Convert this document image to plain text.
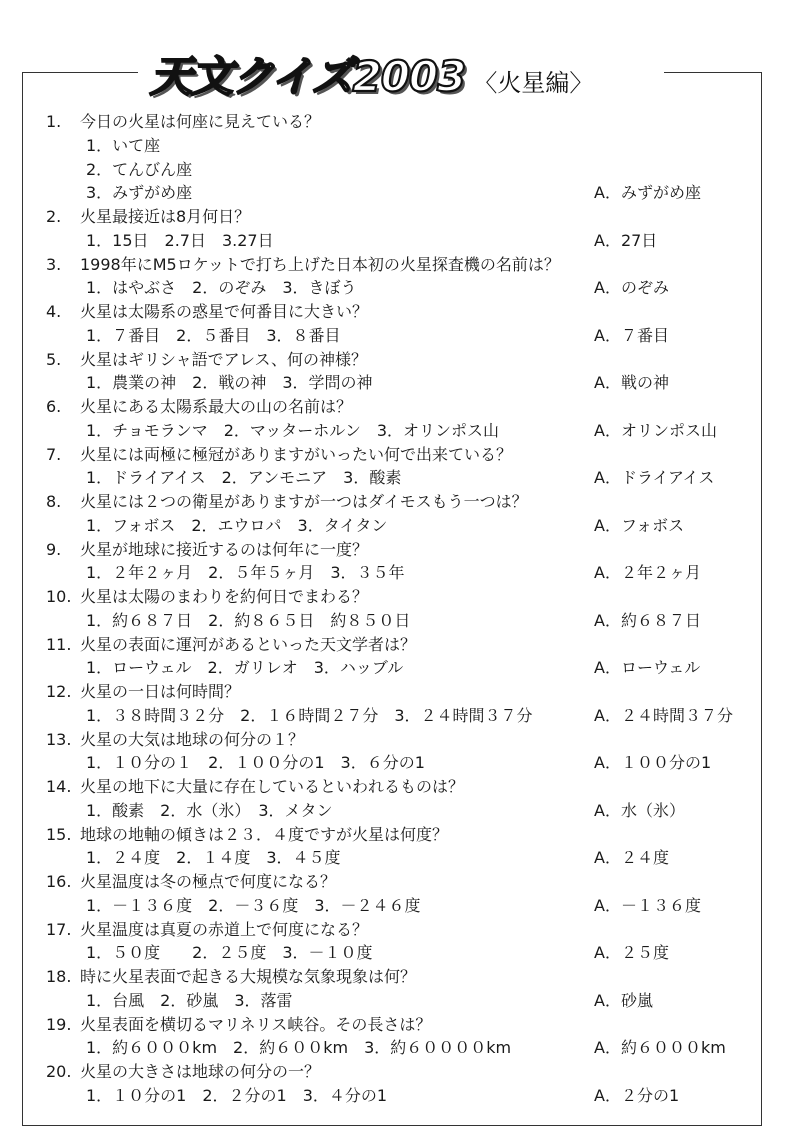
天文クイズ2003 〈火星編〉
1. 今日の火星は何座に見えている？
1．いて座
2．てんびん座
3．みずがめ座	A．みずがめ座
2. 火星最接近は8月何日？
1．15日　2.7日　3.27日	A．27日
3. 1998年にM5ロケットで打ち上げた日本初の火星探査機の名前は？
1．はやぶさ　2．のぞみ　3．きぼう	A．のぞみ
4. 火星は太陽系の惑星で何番目に大きい？
1．７番目　2．５番目　3．８番目	A．７番目
5. 火星はギリシャ語でアレス、何の神様？
1．農業の神　2．戦の神　3．学問の神	A．戦の神
6. 火星にある太陽系最大の山の名前は？
1．チョモランマ　2．マッターホルン　3．オリンポス山	A．オリンポス山
7. 火星には両極に極冠がありますがいったい何で出来ている？
1．ドライアイス　2．アンモニア　3．酸素	A．ドライアイス
8. 火星には２つの衛星がありますが一つはダイモスもう一つは？
1．フォボス　2．エウロパ　3．タイタン	A．フォボス
9. 火星が地球に接近するのは何年に一度？
1．２年２ヶ月　2．５年５ヶ月　3．３５年	A．２年２ヶ月
10. 火星は太陽のまわりを約何日でまわる？
1．約６８７日　2．約８６５日　約８５０日	A．約６８７日
11. 火星の表面に運河があるといった天文学者は？
1．ローウェル　2．ガリレオ　3．ハッブル	A．ローウェル
12. 火星の一日は何時間？
1．３８時間３２分　2．１６時間２７分　3．２４時間３７分	A．２４時間３７分
13. 火星の大気は地球の何分の１？
1．１０分の１　2．１００分の1　3．６分の1	A．１００分の1
14. 火星の地下に大量に存在しているといわれるものは？
1．酸素　2．水（氷）　3．メタン	A．水（氷）
15. 地球の地軸の傾きは２３．４度ですが火星は何度？
1．２４度　2．１４度　3．４５度	A．２４度
16. 火星温度は冬の極点で何度になる？
1．－１３６度　2．－３６度　3．－２４６度	A．－１３６度
17. 火星温度は真夏の赤道上で何度になる？
1．５０度　　2．２５度　3．－１０度	A．２５度
18. 時に火星表面で起きる大規模な気象現象は何？
1．台風　2．砂嵐　3．落雷	A．砂嵐
19. 火星表面を横切るマリネリス峡谷。その長さは？
1．約６０００km　2．約６００km　3．約６００００km	A．約６０００km
20. 火星の大きさは地球の何分の一？
1．１０分の1　2．２分の1　3．４分の1	A．２分の1
